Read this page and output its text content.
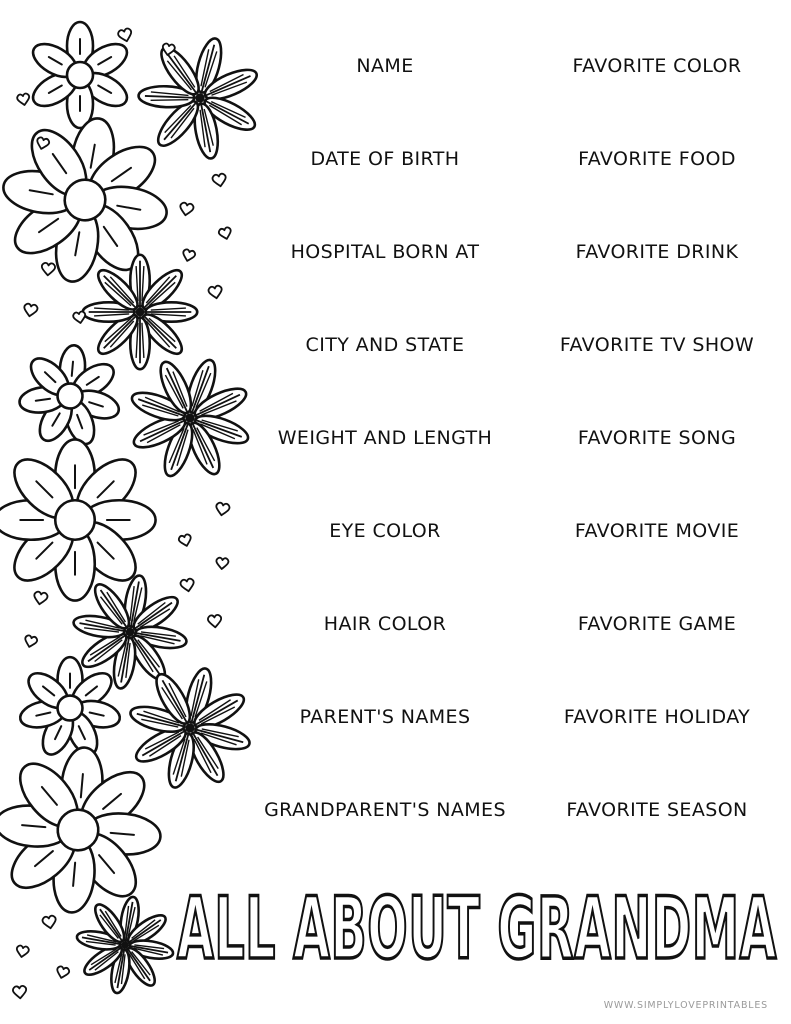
NAME
DATE OF BIRTH
HOSPITAL BORN AT
CITY AND STATE
WEIGHT AND LENGTH
EYE COLOR
HAIR COLOR
PARENT'S NAMES
GRANDPARENT'S NAMES
FAVORITE COLOR
FAVORITE FOOD
FAVORITE DRINK
FAVORITE TV SHOW
FAVORITE SONG
FAVORITE MOVIE
FAVORITE GAME
FAVORITE HOLIDAY
FAVORITE SEASON
ALL ABOUT GRANDMA
WWW.SIMPLYLOVEPRINTABLES
